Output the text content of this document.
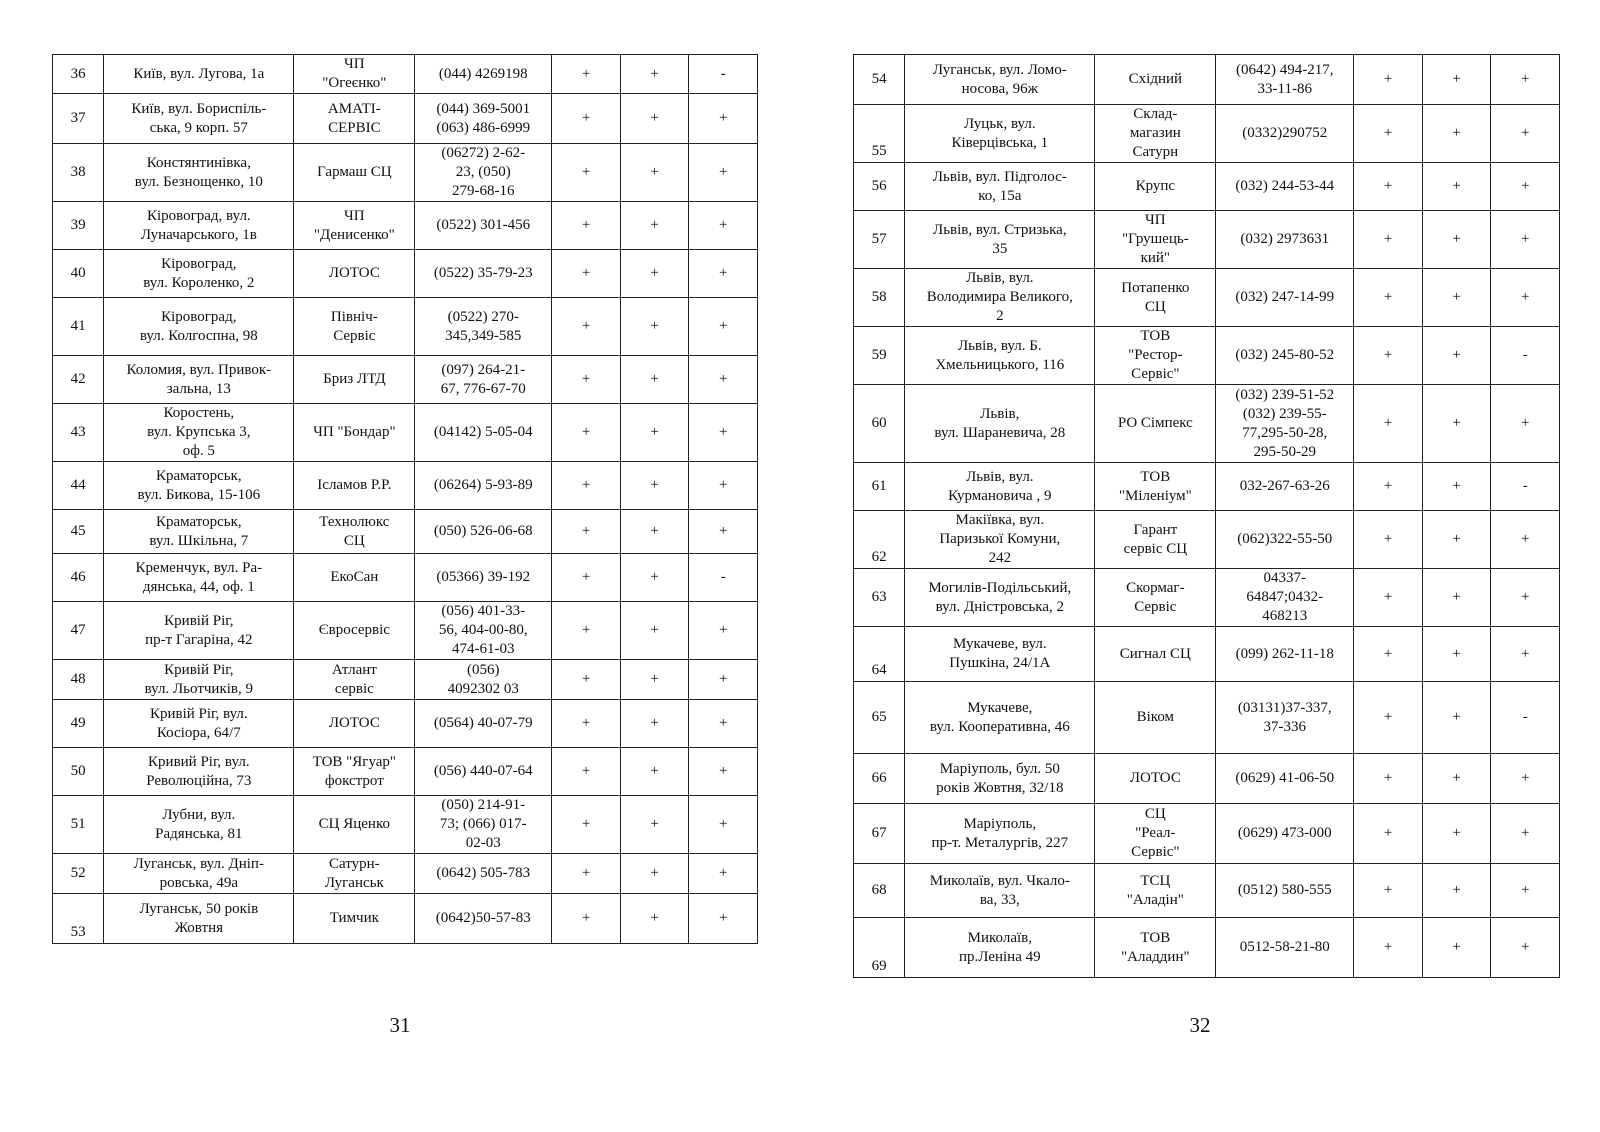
36	Київ, вул. Лугова, 1а	ЧП
"Огеєнко"	(044) 4269198	+	+	-
37	Київ, вул. Бориспіль-
ська, 9 корп. 57	АМАТІ-
СЕРВІС	(044) 369-5001
(063) 486-6999	+	+	+
38	Констянтинівка,
вул. Безнощенко, 10	Гармаш СЦ	(06272) 2-62-
23, (050)
279-68-16	+	+	+
39	Кіровоград, вул.
Луначарського, 1в	ЧП
"Денисенко"	(0522) 301-456	+	+	+
40	Кіровоград,
вул. Короленко, 2	ЛОТОС	(0522) 35-79-23	+	+	+
41	Кіровоград,
вул. Колгоспна, 98	Північ-
Сервіс	(0522) 270-
345,349-585	+	+	+
42	Коломия, вул. Привок-
зальна, 13	Бриз ЛТД	(097) 264-21-
67, 776-67-70	+	+	+
43	Коростень,
вул. Крупська 3,
оф. 5	ЧП "Бондар"	(04142) 5-05-04	+	+	+
44	Краматорськ,
вул. Бикова, 15-106	Ісламов Р.Р.	(06264) 5-93-89	+	+	+
45	Краматорськ,
вул. Шкільна, 7	Технолюкс
СЦ	(050) 526-06-68	+	+	+
46	Кременчук, вул. Ра-
дянська, 44, оф. 1	ЕкоСан	(05366) 39-192	+	+	-
47	Кривій Ріг,
пр-т Гагаріна, 42	Євросервіс	(056) 401-33-
56, 404-00-80,
474-61-03	+	+	+
48	Кривій Ріг,
вул. Льотчиків, 9	Атлант
сервіс	(056)
4092302 03	+	+	+
49	Кривій Ріг, вул.
Косіора, 64/7	ЛОТОС	(0564) 40-07-79	+	+	+
50	Кривий Ріг, вул.
Революційна, 73	ТОВ "Ягуар"
фокстрот	(056) 440-07-64	+	+	+
51	Лубни, вул.
Радянська, 81	СЦ Яценко	(050) 214-91-
73; (066) 017-
02-03	+	+	+
52	Луганськ, вул. Дніп-
ровська, 49а	Сатурн-
Луганськ	(0642) 505-783	+	+	+
53	Луганськ, 50 років
Жовтня	Тимчик	(0642)50-57-83	+	+	+
31
54	Луганськ, вул. Ломо-
носова, 96ж	Східний	(0642) 494-217,
33-11-86	+	+	+
55	Луцьк, вул.
Ківерцівська, 1	Склад-
магазин
Сатурн	(0332)290752	+	+	+
56	Львів, вул. Підголос-
ко, 15а	Крупс	(032) 244-53-44	+	+	+
57	Львів, вул. Стризька,
35	ЧП
"Грушець-
кий"	(032) 2973631	+	+	+
58	Львів, вул.
Володимира Великого,
2	Потапенко
СЦ	(032) 247-14-99	+	+	+
59	Львів, вул. Б.
Хмельницького, 116	ТОВ
"Рестор-
Сервіс"	(032) 245-80-52	+	+	-
60	Львів,
вул. Шараневича, 28	РО Сімпекс	(032) 239-51-52
(032) 239-55-
77,295-50-28,
295-50-29	+	+	+
61	Львів, вул.
Курмановича , 9	ТОВ
"Міленіум"	032-267-63-26	+	+	-
62	Макіївка, вул.
Паризької Комуни,
242	Гарант
сервіс СЦ	(062)322-55-50	+	+	+
63	Могилів-Подільський,
вул. Дністровська, 2	Скормаг-
Сервіс	04337-
64847;0432-
468213	+	+	+
64	Мукачеве, вул.
Пушкіна, 24/1А	Сигнал СЦ	(099) 262-11-18	+	+	+
65	Мукачеве,
вул. Кооперативна, 46	Віком	(03131)37-337,
37-336	+	+	-
66	Маріуполь, бул. 50
років Жовтня, 32/18	ЛОТОС	(0629) 41-06-50	+	+	+
67	Маріуполь,
пр-т. Металургів, 227	СЦ
"Реал-
Сервіс"	(0629) 473-000	+	+	+
68	Миколаїв, вул. Чкало-
ва, 33,	ТСЦ
"Аладін"	(0512) 580-555	+	+	+
69	Миколаїв,
пр.Леніна 49	ТОВ
"Аладдин"	0512-58-21-80	+	+	+
32
